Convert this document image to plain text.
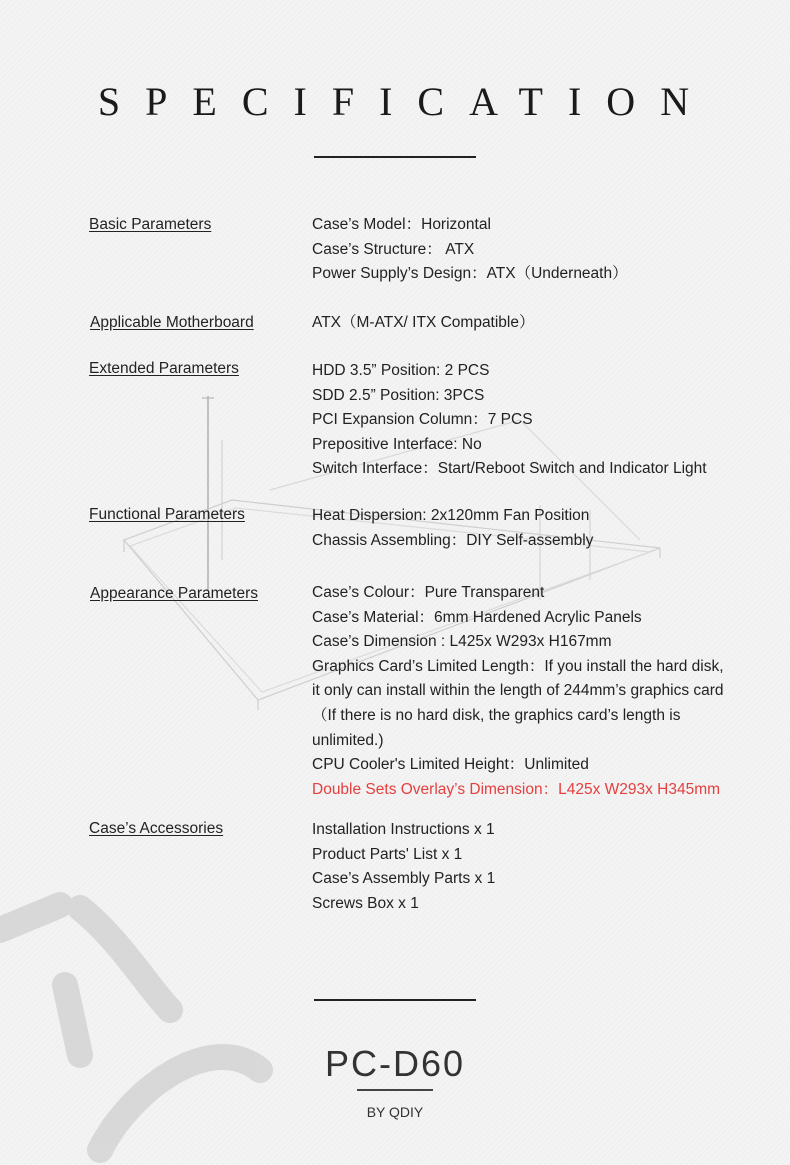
SPECIFICATION
Basic Parameters	Case’s Model：Horizontal
Case’s Structure： ATX
Power Supply’s Design：ATX（Underneath）
Applicable Motherboard	ATX（M-ATX/ ITX Compatible）
Extended Parameters	HDD 3.5” Position: 2 PCS
SDD 2.5” Position: 3PCS
PCI Expansion Column：7 PCS
Prepositive Interface: No
Switch Interface：Start/Reboot Switch and Indicator Light
Functional Parameters	Heat Dispersion: 2x120mm Fan Position
Chassis Assembling：DIY Self-assembly
Appearance Parameters	Case’s Colour：Pure Transparent
Case’s Material：6mm Hardened Acrylic Panels
Case’s Dimension : L425x W293x H167mm
Graphics Card’s Limited Length：If you install the hard disk, it only can install within the length of 244mm’s graphics card （If there is no hard disk, the graphics card’s length is unlimited.)
CPU Cooler's Limited Height：Unlimited
Double Sets Overlay’s Dimension：L425x W293x H345mm
Case’s Accessories	Installation Instructions x 1
Product Parts' List x 1
Case’s Assembly Parts x 1
Screws Box x 1
PC-D60
BY QDIY
